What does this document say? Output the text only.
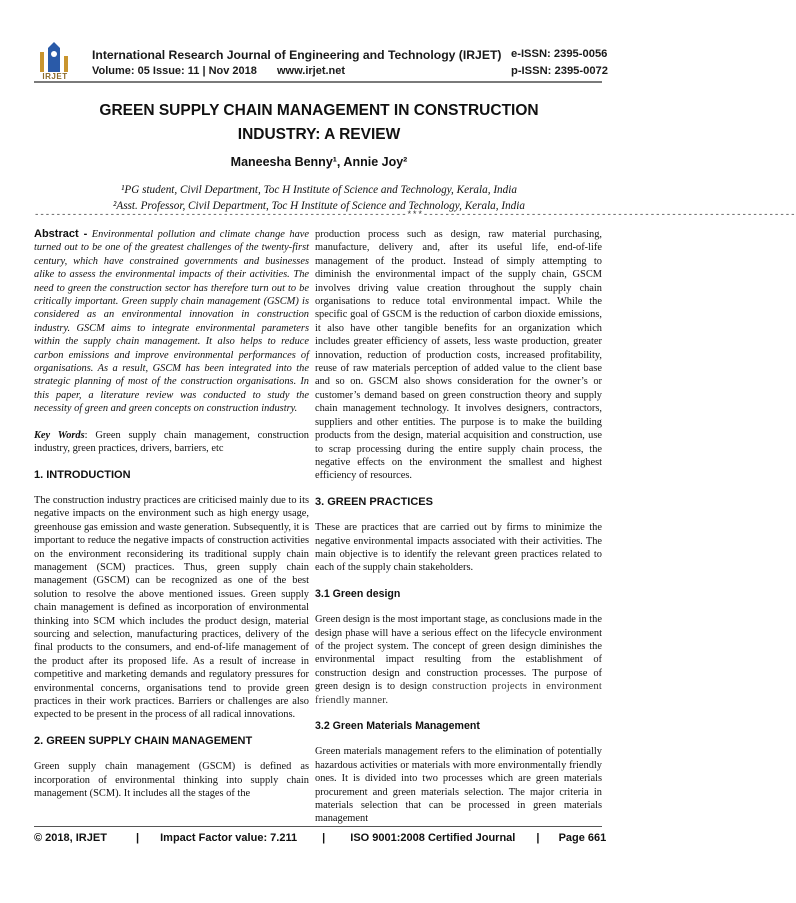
IRJET
International Research Journal of Engineering and Technology (IRJET) e-ISSN: 2395-0056
Volume: 05 Issue: 11 | Nov 2018 www.irjet.net	p-ISSN: 2395-0072
GREEN SUPPLY CHAIN MANAGEMENT IN CONSTRUCTION
INDUSTRY: A REVIEW
Maneesha Benny¹, Annie Joy²
¹PG student, Civil Department, Toc H Institute of Science and Technology, Kerala, India
²Asst. Professor, Civil Department, Toc H Institute of Science and Technology, Kerala, India
---------------------------------------------------------------------***---------------------------------------------------------------------

Abstract - Environmental pollution and climate change have turned out to be one of the greatest challenges of the twenty-first century, which have constrained governments and businesses alike to assess the environmental impacts of their activities. The need to green the construction sector has therefore turn out to be critically important. Green supply chain management (GSCM) is considered as an environmental innovation in construction industry. GSCM aims to integrate environmental parameters within the supply chain management. It also helps to reduce carbon emissions and improve environmental performances of organisations. As a result, GSCM has been integrated into the strategic planning of most of the construction organisations. In this paper, a literature review was conducted to study the necessity of green and green concepts on construction industry.

Key Words: Green supply chain management, construction industry, green practices, drivers, barriers, etc

1. INTRODUCTION

The construction industry practices are criticised mainly due to its negative impacts on the environment such as high energy usage, greenhouse gas emission and waste generation. Subsequently, it is important to reduce the negative impacts of construction activities on the environment reconsidering its traditional supply chain management (SCM) practices. Thus, green supply chain management (GSCM) can be recognized as one of the best solution to resolve the above mentioned issues. Green supply chain management is defined as incorporation of environmental thinking into SCM which includes the product design, material sourcing and selection, manufacturing practices, delivery of the final products to the consumers, and end-of-life management of the product after its proposed life. As a result of increase in competitive and marketing demands and regulatory pressures for environmental concerns, organisations tend to provide green practices in their work practices. Barriers or challenges are also expected to be present in the process of all radical innovations.

2. GREEN SUPPLY CHAIN MANAGEMENT

Green supply chain management (GSCM) is defined as incorporation of environmental thinking into supply chain management (SCM). It includes all the stages of the

production process such as design, raw material purchasing, manufacture, delivery and, after its useful life, end-of-life management of the product. Instead of simply attempting to diminish the environmental impact of the supply chain, GSCM involves driving value creation throughout the supply chain organisations to reduce total environmental impact. While the specific goal of GSCM is the reduction of carbon dioxide emissions, it also have other tangible benefits for an organization which includes greater efficiency of assets, less waste production, greater innovation, reduction of production costs, increased profitability, reuse of raw materials perception of added value to the client base and so on. GSCM also shows consideration for the owner’s or customer’s demand based on green construction theory and supply chain management technology. It involves designers, contractors, suppliers and other entities. The purpose is to make the building products from the design, material acquisition and construction, use to scrap processing during the entire supply chain process, the negative effects on the environment the smallest and highest efficiency of resources.

3. GREEN PRACTICES

These are practices that are carried out by firms to minimize the negative environmental impacts associated with their activities. The main objective is to identify the relevant green practices related to each of the supply chain stakeholders.

3.1 Green design

Green design is the most important stage, as conclusions made in the design phase will have a serious effect on the lifecycle environment of the project system. The concept of green design diminishes the environmental impact resulting from the establishment of construction design and construction processes. The purpose of green design is to design construction projects in environment friendly manner.

3.2 Green Materials Management

Green materials management refers to the elimination of potentially hazardous activities or materials with more environmentally friendly ones. It is divided into two processes which are green materials procurement and green materials selection. The major criteria in materials selection that can be processed in green materials management

© 2018, IRJET	| Impact Factor value: 7.211 | ISO 9001:2008 Certified Journal | Page 661
